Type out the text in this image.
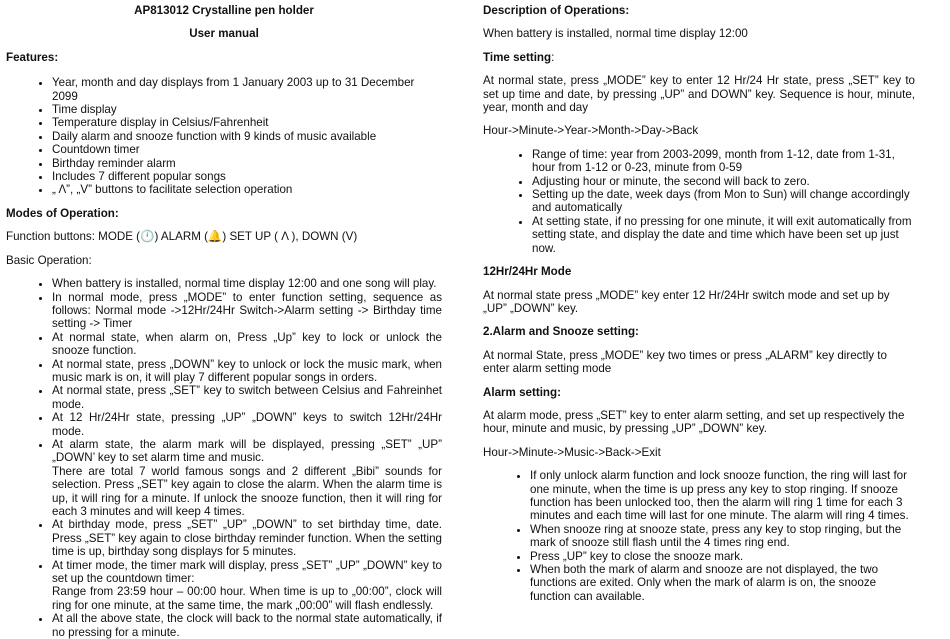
AP813012 Crystalline pen holder

User manual

Features:

• Year, month and day displays from 1 January 2003 up to 31 December 2099
• Time display
• Temperature display in Celsius/Fahrenheit
• Daily alarm and snooze function with 9 kinds of music available
• Countdown timer
• Birthday reminder alarm
• Includes 7 different popular songs
• „ Λ”, „V” buttons to facilitate selection operation

Modes of Operation:

Function buttons: MODE (🕛) ALARM (🔔) SET UP ( Λ ), DOWN (V)

Basic Operation:

• When battery is installed, normal time display 12:00 and one song will play.
• In normal mode, press „MODE” to enter function setting, sequence as follows: Normal mode ->12Hr/24Hr Switch->Alarm setting -> Birthday time setting -> Timer
• At normal state, when alarm on, Press „Up” key to lock or unlock the snooze function.
• At normal state, press „DOWN” key to unlock or lock the music mark, when music mark is on, it will play 7 different popular songs in orders.
• At normal state, press „SET” key to switch between Celsius and Fahreinhet mode.
• At 12 Hr/24Hr state, pressing „UP” „DOWN” keys to switch 12Hr/24Hr mode.
• At alarm state, the alarm mark will be displayed, pressing „SET” „UP” „DOWN’ key to set alarm time and music.
There are total 7 world famous songs and 2 different „Bibi” sounds for selection. Press „SET” key again to close the alarm. When the alarm time is up, it will ring for a minute. If unlock the snooze function, then it will ring for each 3 minutes and will keep 4 times.
• At birthday mode, press „SET” „UP” „DOWN” to set birthday time, date. Press „SET” key again to close birthday reminder function. When the setting time is up, birthday song displays for 5 minutes.
• At timer mode, the timer mark will display, press „SET” „UP” „DOWN” key to set up the countdown timer:
Range from 23:59 hour – 00:00 hour. When time is up to „00:00”, clock will ring for one minute, at the same time, the mark „00:00” will flash endlessly.
• At all the above state, the clock will back to the normal state automatically, if no pressing for a minute.

Description of Operations:

When battery is installed, normal time display 12:00

Time setting:

At normal state, press „MODE” key to enter 12 Hr/24 Hr state, press „SET” key to set up time and date, by pressing „UP” and DOWN” key. Sequence is hour, minute, year, month and day

Hour->Minute->Year->Month->Day->Back

• Range of time: year from 2003-2099, month from 1-12, date from 1-31, hour from 1-12 or 0-23, minute from 0-59
• Adjusting hour or minute, the second will back to zero.
• Setting up the date, week days (from Mon to Sun) will change accordingly and automatically
• At setting state, if no pressing for one minute, it will exit automatically from setting state, and display the date and time which have been set up just now.

12Hr/24Hr Mode

At normal state press „MODE” key enter 12 Hr/24Hr switch mode and set up by „UP” „DOWN” key.

2.Alarm and Snooze setting:

At normal State, press „MODE” key two times or press „ALARM” key directly to enter alarm setting mode

Alarm setting:

At alarm mode, press „SET” key to enter alarm setting, and set up respectively the hour, minute and music, by pressing „UP” „DOWN” key.

Hour->Minute->Music->Back->Exit

• If only unlock alarm function and lock snooze function, the ring will last for one minute, when the time is up press any key to stop ringing. If snooze function has been unlocked too, then the alarm will ring 1 time for each 3 minutes and each time will last for one minute. The alarm will ring 4 times.
• When snooze ring at snooze state, press any key to stop ringing, but the mark of snooze still flash until the 4 times ring end.
• Press „UP” key to close the snooze mark.
• When both the mark of alarm and snooze are not displayed, the two functions are exited. Only when the mark of alarm is on, the snooze function can available.
